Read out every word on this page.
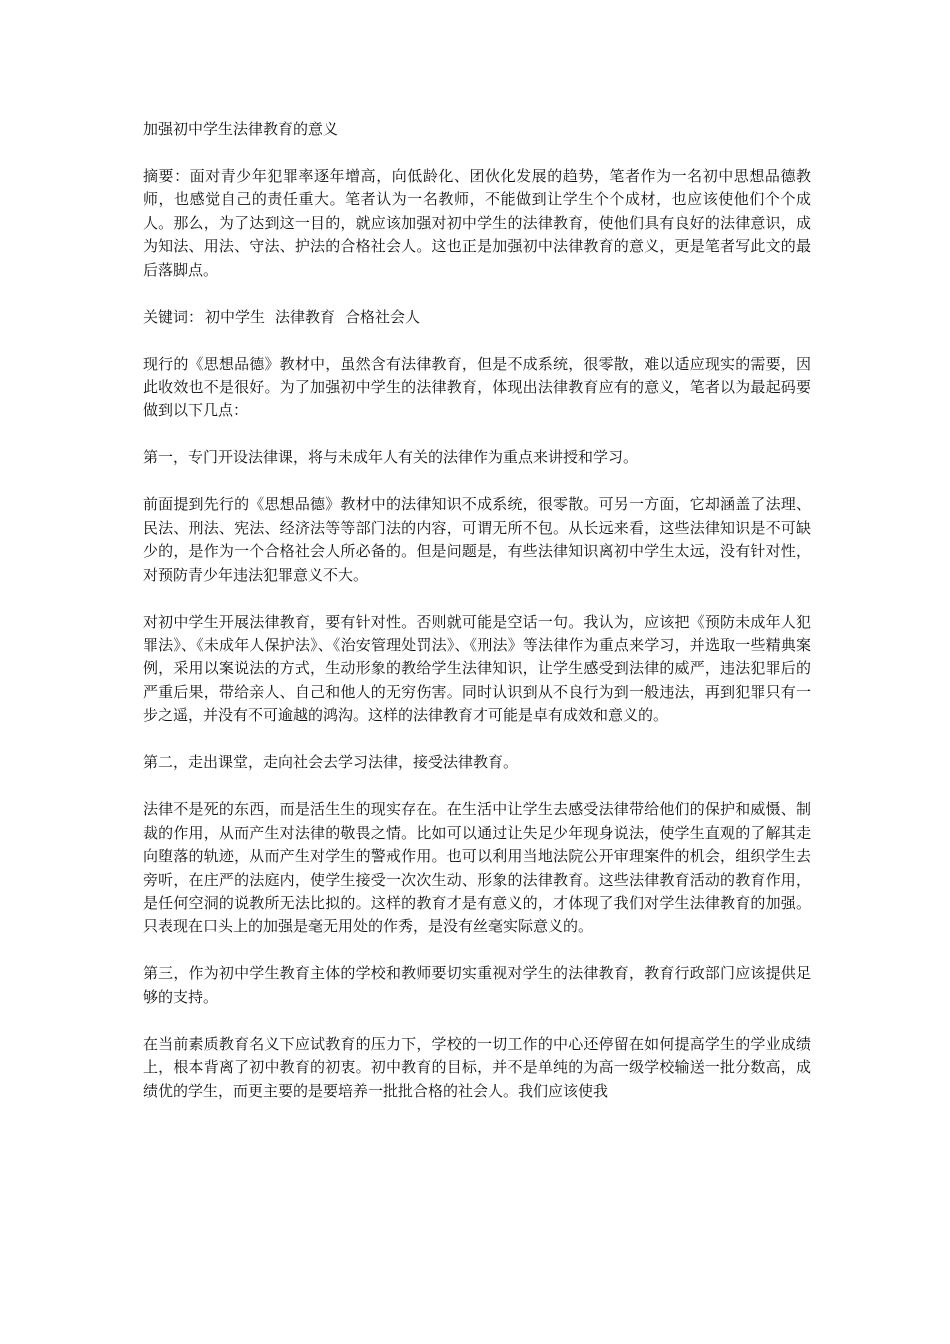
加强初中学生法律教育的意义

摘要：面对青少年犯罪率逐年增高，向低龄化、团伙化发展的趋势，笔者作为一名初中思想品德教师，也感觉自己的责任重大。笔者认为一名教师，不能做到让学生个个成材，也应该使他们个个成人。那么，为了达到这一目的，就应该加强对初中学生的法律教育，使他们具有良好的法律意识，成为知法、用法、守法、护法的合格社会人。这也正是加强初中法律教育的意义，更是笔者写此文的最后落脚点。

关键词： 初中学生 法律教育 合格社会人

现行的《思想品德》教材中，虽然含有法律教育，但是不成系统，很零散，难以适应现实的需要，因此收效也不是很好。为了加强初中学生的法律教育，体现出法律教育应有的意义，笔者以为最起码要做到以下几点：

第一，专门开设法律课，将与未成年人有关的法律作为重点来讲授和学习。

前面提到先行的《思想品德》教材中的法律知识不成系统，很零散。可另一方面，它却涵盖了法理、民法、刑法、宪法、经济法等等部门法的内容，可谓无所不包。从长远来看，这些法律知识是不可缺少的，是作为一个合格社会人所必备的。但是问题是，有些法律知识离初中学生太远，没有针对性，对预防青少年违法犯罪意义不大。

对初中学生开展法律教育，要有针对性。否则就可能是空话一句。我认为，应该把《预防未成年人犯罪法》、《未成年人保护法》、《治安管理处罚法》、《刑法》等法律作为重点来学习，并选取一些精典案例，采用以案说法的方式，生动形象的教给学生法律知识，让学生感受到法律的威严，违法犯罪后的严重后果，带给亲人、自己和他人的无穷伤害。同时认识到从不良行为到一般违法，再到犯罪只有一步之遥，并没有不可逾越的鸿沟。这样的法律教育才可能是卓有成效和意义的。

第二，走出课堂，走向社会去学习法律，接受法律教育。

法律不是死的东西，而是活生生的现实存在。在生活中让学生去感受法律带给他们的保护和威慑、制裁的作用，从而产生对法律的敬畏之情。比如可以通过让失足少年现身说法，使学生直观的了解其走向堕落的轨迹，从而产生对学生的警戒作用。也可以利用当地法院公开审理案件的机会，组织学生去旁听，在庄严的法庭内，使学生接受一次次生动、形象的法律教育。这些法律教育活动的教育作用，是任何空洞的说教所无法比拟的。这样的教育才是有意义的，才体现了我们对学生法律教育的加强。只表现在口头上的加强是毫无用处的作秀，是没有丝毫实际意义的。

第三，作为初中学生教育主体的学校和教师要切实重视对学生的法律教育，教育行政部门应该提供足够的支持。

在当前素质教育名义下应试教育的压力下，学校的一切工作的中心还停留在如何提高学生的学业成绩上，根本背离了初中教育的初衷。初中教育的目标，并不是单纯的为高一级学校输送一批分数高，成绩优的学生，而更主要的是要培养一批批合格的社会人。我们应该使我
